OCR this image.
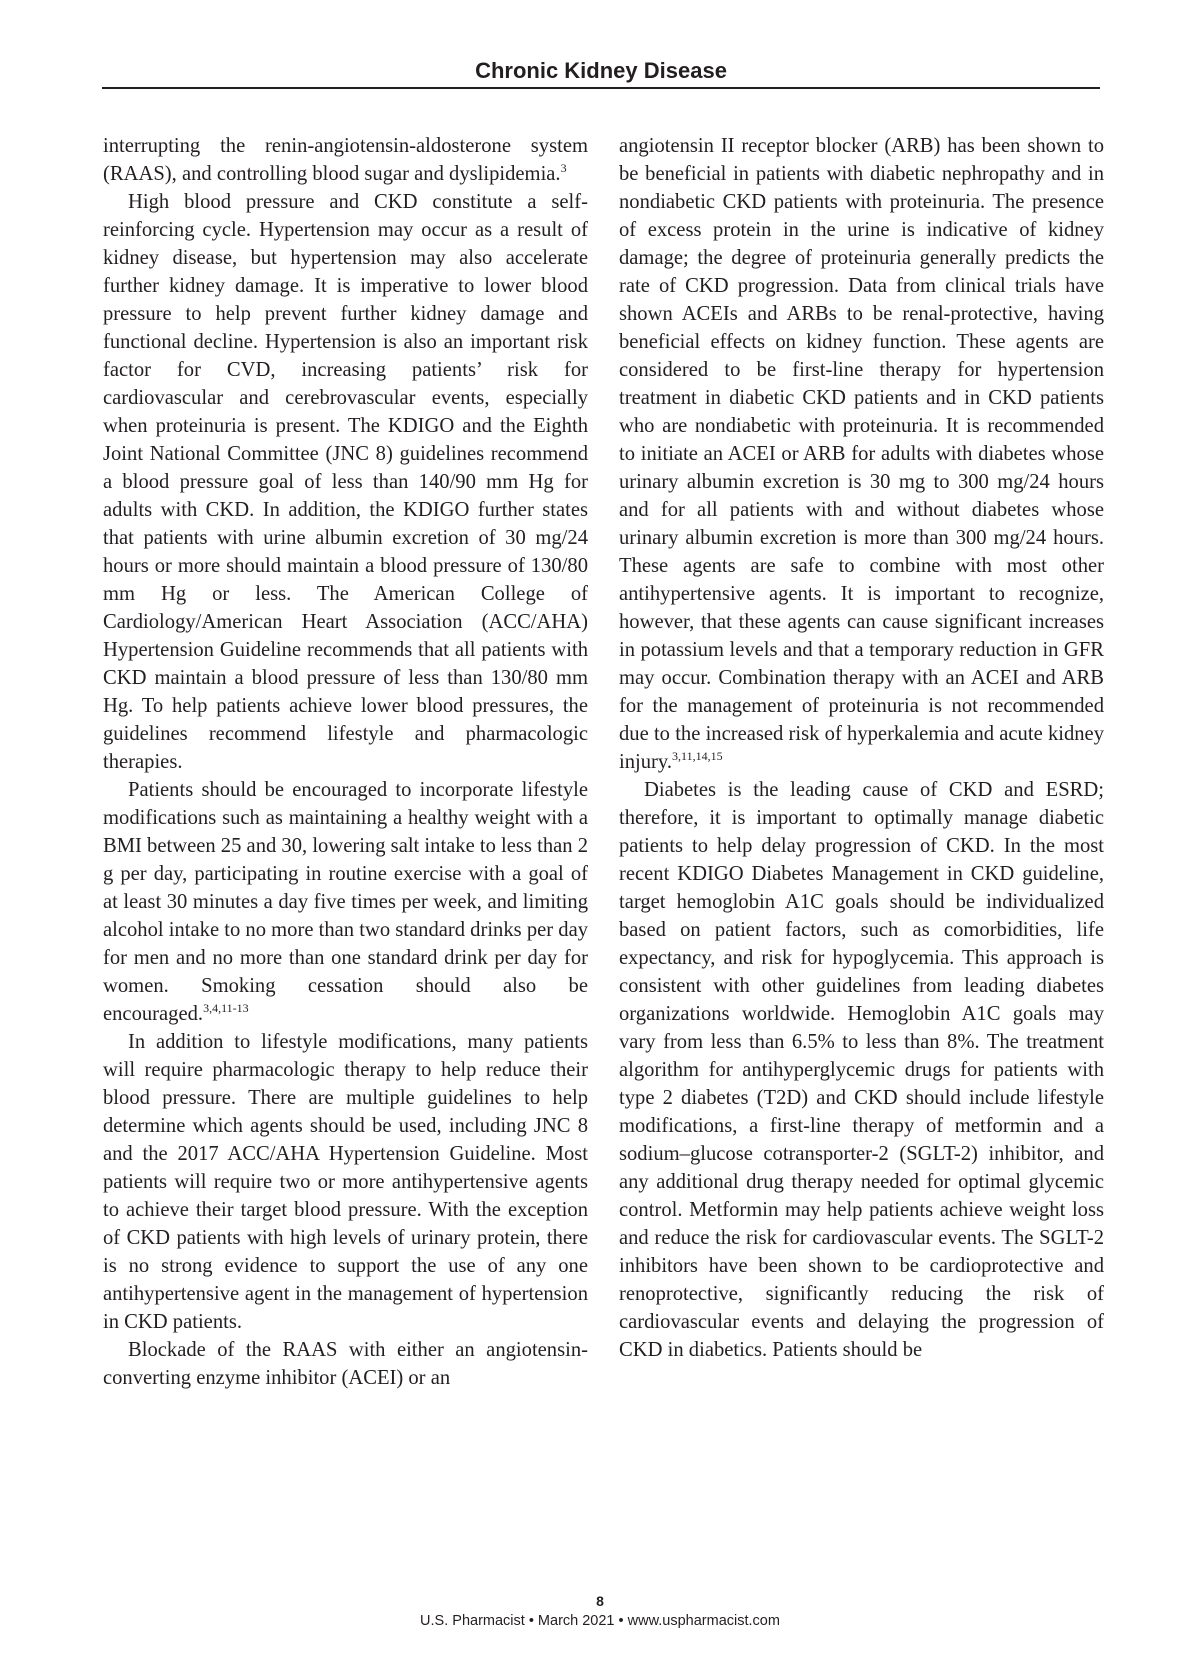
Chronic Kidney Disease

interrupting the renin-angiotensin-aldosterone system (RAAS), and controlling blood sugar and dyslipidemia.$^3$

High blood pressure and CKD constitute a self-reinforcing cycle. Hypertension may occur as a result of kidney disease, but hypertension may also accelerate further kidney damage. It is imperative to lower blood pressure to help prevent further kidney damage and functional decline. Hypertension is also an important risk factor for CVD, increasing patients’ risk for cardiovascular and cerebrovascular events, especially when proteinuria is present. The KDIGO and the Eighth Joint National Committee (JNC 8) guidelines recommend a blood pressure goal of less than 140/90 mm Hg for adults with CKD. In addition, the KDIGO further states that patients with urine albumin excretion of 30 mg/24 hours or more should maintain a blood pressure of 130/80 mm Hg or less. The American College of Cardiology/American Heart Association (ACC/AHA) Hypertension Guideline recommends that all patients with CKD maintain a blood pressure of less than 130/80 mm Hg. To help patients achieve lower blood pressures, the guidelines recommend lifestyle and pharmacologic therapies.

Patients should be encouraged to incorporate lifestyle modifications such as maintaining a healthy weight with a BMI between 25 and 30, lowering salt intake to less than 2 g per day, participating in routine exercise with a goal of at least 30 minutes a day five times per week, and limiting alcohol intake to no more than two standard drinks per day for men and no more than one standard drink per day for women. Smoking cessation should also be encouraged.$^{3,4,11-13}$

In addition to lifestyle modifications, many patients will require pharmacologic therapy to help reduce their blood pressure. There are multiple guidelines to help determine which agents should be used, including JNC 8 and the 2017 ACC/AHA Hypertension Guideline. Most patients will require two or more antihypertensive agents to achieve their target blood pressure. With the exception of CKD patients with high levels of urinary protein, there is no strong evidence to support the use of any one antihypertensive agent in the management of hypertension in CKD patients.

Blockade of the RAAS with either an angiotensin-converting enzyme inhibitor (ACEI) or an

angiotensin II receptor blocker (ARB) has been shown to be beneficial in patients with diabetic nephropathy and in nondiabetic CKD patients with proteinuria. The presence of excess protein in the urine is indicative of kidney damage; the degree of proteinuria generally predicts the rate of CKD progression. Data from clinical trials have shown ACEIs and ARBs to be renal-protective, having beneficial effects on kidney function. These agents are considered to be first-line therapy for hypertension treatment in diabetic CKD patients and in CKD patients who are nondiabetic with proteinuria. It is recommended to initiate an ACEI or ARB for adults with diabetes whose urinary albumin excretion is 30 mg to 300 mg/24 hours and for all patients with and without diabetes whose urinary albumin excretion is more than 300 mg/24 hours. These agents are safe to combine with most other antihypertensive agents. It is important to recognize, however, that these agents can cause significant increases in potassium levels and that a temporary reduction in GFR may occur. Combination therapy with an ACEI and ARB for the management of proteinuria is not recommended due to the increased risk of hyperkalemia and acute kidney injury.$^{3,11,14,15}$

Diabetes is the leading cause of CKD and ESRD; therefore, it is important to optimally manage diabetic patients to help delay progression of CKD. In the most recent KDIGO Diabetes Management in CKD guideline, target hemoglobin A1C goals should be individualized based on patient factors, such as comorbidities, life expectancy, and risk for hypoglycemia. This approach is consistent with other guidelines from leading diabetes organizations worldwide. Hemoglobin A1C goals may vary from less than 6.5% to less than 8%. The treatment algorithm for antihyperglycemic drugs for patients with type 2 diabetes (T2D) and CKD should include lifestyle modifications, a first-line therapy of metformin and a sodium–glucose cotransporter-2 (SGLT-2) inhibitor, and any additional drug therapy needed for optimal glycemic control. Metformin may help patients achieve weight loss and reduce the risk for cardiovascular events. The SGLT-2 inhibitors have been shown to be cardioprotective and renoprotective, significantly reducing the risk of cardiovascular events and delaying the progression of CKD in diabetics. Patients should be

8
U.S. Pharmacist • March 2021 • www.uspharmacist.com
